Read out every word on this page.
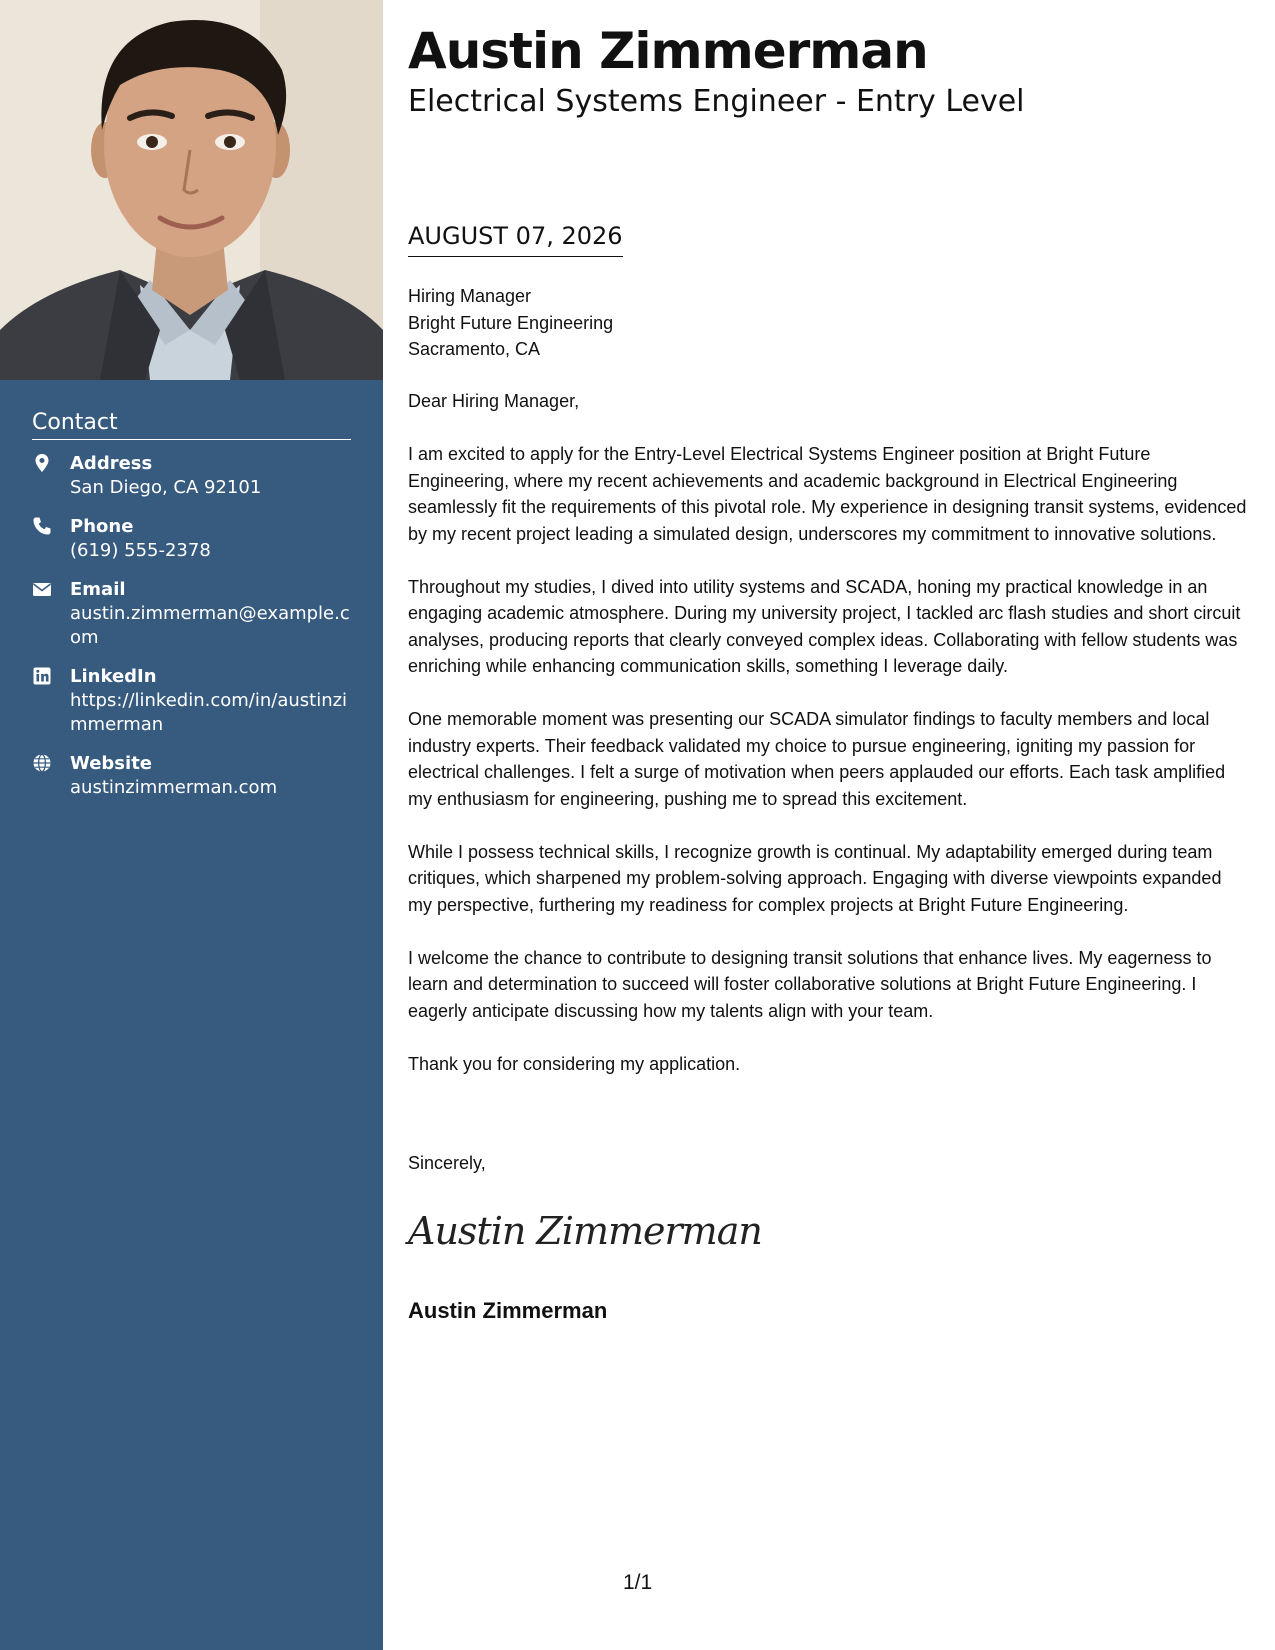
Contact
Address
San Diego, CA 92101
Phone
(619) 555-2378
Email
austin.zimmerman@example.com
LinkedIn
https://linkedin.com/in/austinzimmerman
Website
austinzimmerman.com
Austin Zimmerman
Electrical Systems Engineer - Entry Level
AUGUST 07, 2026
Hiring Manager
Bright Future Engineering
Sacramento, CA

Dear Hiring Manager,

I am excited to apply for the Entry-Level Electrical Systems Engineer position at Bright Future Engineering, where my recent achievements and academic background in Electrical Engineering seamlessly fit the requirements of this pivotal role. My experience in designing transit systems, evidenced by my recent project leading a simulated design, underscores my commitment to innovative solutions.

Throughout my studies, I dived into utility systems and SCADA, honing my practical knowledge in an engaging academic atmosphere. During my university project, I tackled arc flash studies and short circuit analyses, producing reports that clearly conveyed complex ideas. Collaborating with fellow students was enriching while enhancing communication skills, something I leverage daily.

One memorable moment was presenting our SCADA simulator findings to faculty members and local industry experts. Their feedback validated my choice to pursue engineering, igniting my passion for electrical challenges. I felt a surge of motivation when peers applauded our efforts. Each task amplified my enthusiasm for engineering, pushing me to spread this excitement.

While I possess technical skills, I recognize growth is continual. My adaptability emerged during team critiques, which sharpened my problem-solving approach. Engaging with diverse viewpoints expanded my perspective, furthering my readiness for complex projects at Bright Future Engineering.

I welcome the chance to contribute to designing transit solutions that enhance lives. My eagerness to learn and determination to succeed will foster collaborative solutions at Bright Future Engineering. I eagerly anticipate discussing how my talents align with your team.

Thank you for considering my application.

Sincerely,
Austin Zimmerman
Austin Zimmerman
1/1
